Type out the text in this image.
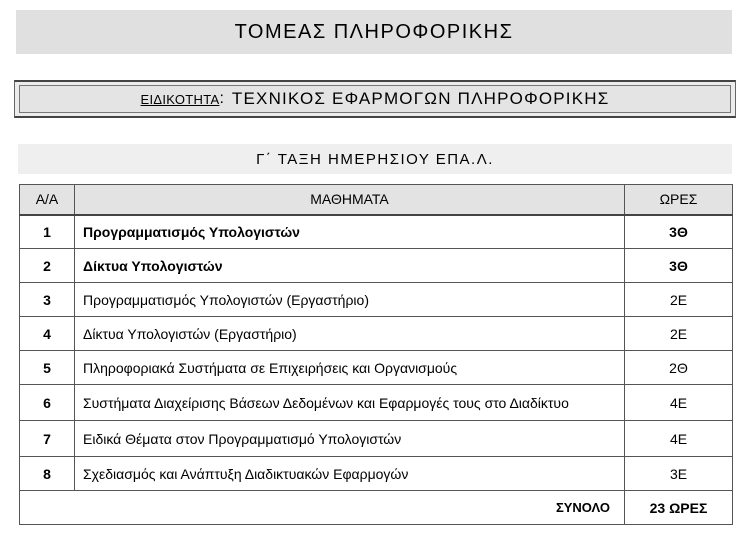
ΤΟΜΕΑΣ ΠΛΗΡΟΦΟΡΙΚΗΣ
ΕΙΔΙΚΟΤΗΤΑ : ΤΕΧΝΙΚΟΣ ΕΦΑΡΜΟΓΩΝ ΠΛΗΡΟΦΟΡΙΚΗΣ
Γ΄ ΤΑΞΗ ΗΜΕΡΗΣΙΟΥ ΕΠΑ.Λ.
Α/Α	ΜΑΘΗΜΑΤΑ	ΩΡΕΣ
1	Προγραμματισμός Υπολογιστών	3Θ
2	Δίκτυα Υπολογιστών	3Θ
3	Προγραμματισμός Υπολογιστών (Εργαστήριο)	2Ε
4	Δίκτυα Υπολογιστών (Εργαστήριο)	2Ε
5	Πληροφοριακά Συστήματα σε Επιχειρήσεις και Οργανισμούς	2Θ
6	Συστήματα Διαχείρισης Βάσεων Δεδομένων και Εφαρμογές τους στο Διαδίκτυο	4Ε
7	Ειδικά Θέματα στον Προγραμματισμό Υπολογιστών	4Ε
8	Σχεδιασμός και Ανάπτυξη Διαδικτυακών Εφαρμογών	3Ε
ΣΥΝΟΛΟ		23 ΩΡΕΣ
